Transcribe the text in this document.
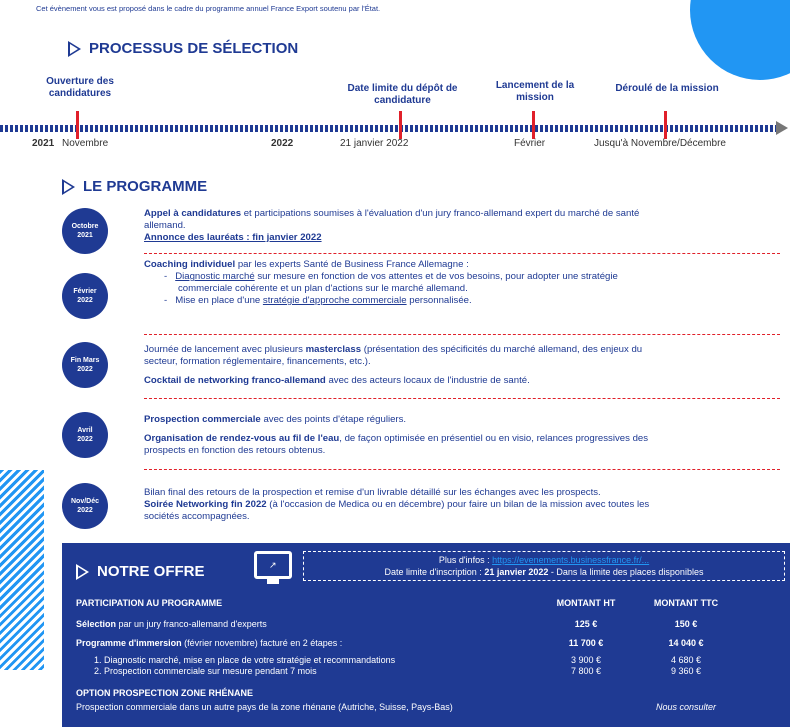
Cet évènement vous est proposé dans le cadre du programme annuel France Export soutenu par l'État.
PROCESSUS DE SÉLECTION
Ouverture des candidatures	Date limite du dépôt de candidature
Lancement de la mission
Déroulé de la mission
2021 Novembre	2022	21 janvier 2022	Février	Jusqu'à Novembre/Décembre
LE PROGRAMME
Octobre
2021
Appel à candidatures et participations soumises à l'évaluation d'un jury franco-allemand expert du marché de santé
allemand.
Annonce des lauréats : fin janvier 2022
Février
2022
Coaching individuel par les experts Santé de Business France Allemagne :
-   Diagnostic marché sur mesure en fonction de vos attentes et de vos besoins, pour adopter une stratégie
commerciale cohérente et un plan d'actions sur le marché allemand.
-   Mise en place d'une stratégie d'approche commerciale personnalisée.
Fin Mars
2022
Journée de lancement avec plusieurs masterclass (présentation des spécificités du marché allemand, des enjeux du
secteur, formation réglementaire, financements, etc.).
Cocktail de networking franco-allemand avec des acteurs locaux de l'industrie de santé.
Avril
2022
Prospection commerciale avec des points d'étape réguliers.
Organisation de rendez-vous au fil de l'eau, de façon optimisée en présentiel ou en visio, relances progressives des
prospects en fonction des retours obtenus.
Nov/Déc
2022
Bilan final des retours de la prospection et remise d'un livrable détaillé sur les échanges avec les prospects.
Soirée Networking fin 2022 (à l'occasion de Medica ou en décembre) pour faire un bilan de la mission avec toutes les
sociétés accompagnées.
NOTRE OFFRE	↗	Plus d'infos : https://evenements.businessfrance.fr/...
Date limite d'inscription : 21 janvier 2022 - Dans la limite des places disponibles
PARTICIPATION AU PROGRAMME	MONTANT HT	MONTANT TTC
Sélection par un jury franco-allemand d'experts	125 €	150 €
Programme d'immersion (février novembre) facturé en 2 étapes :	11 700 €	14 040 €
1. Diagnostic marché, mise en place de votre stratégie et recommandations	3 900 €	4 680 €
2. Prospection commerciale sur mesure pendant 7 mois	7 800 €	9 360 €
OPTION PROSPECTION ZONE RHÉNANE
Prospection commerciale dans un autre pays de la zone rhénane (Autriche, Suisse, Pays-Bas)	Nous consulter
